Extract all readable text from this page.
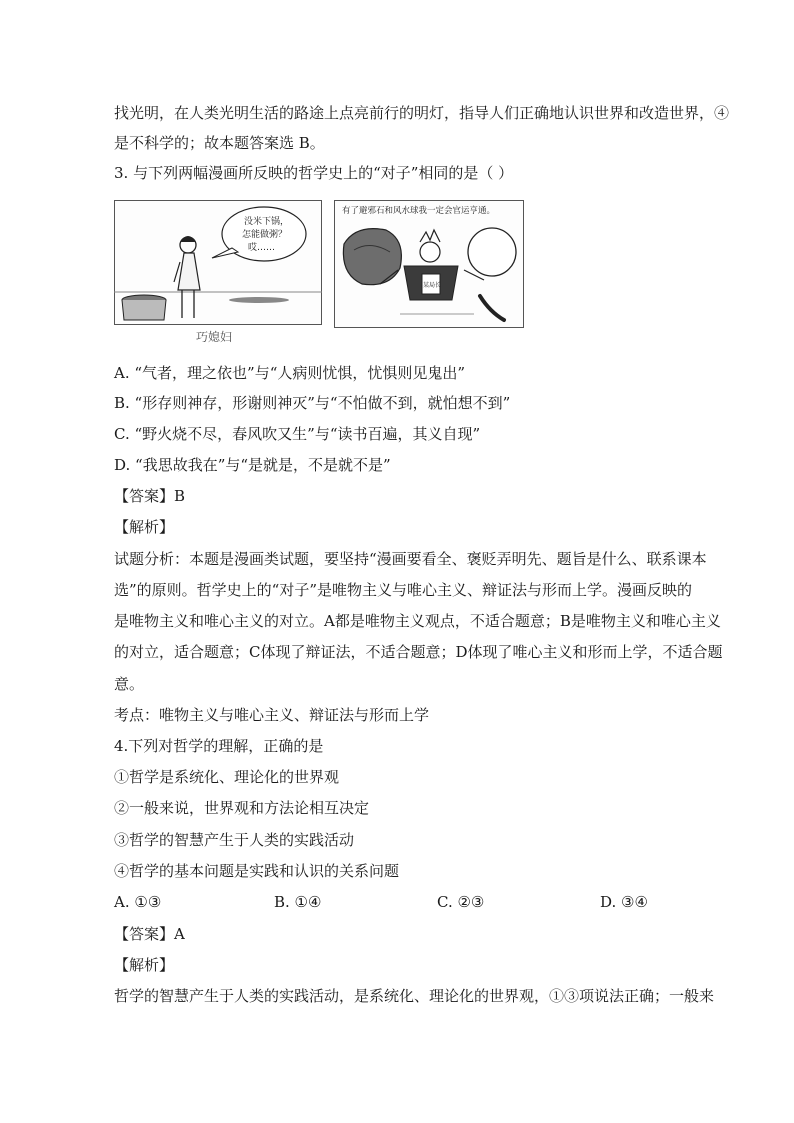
找光明，在人类光明生活的路途上点亮前行的明灯，指导人们正确地认识世界和改造世界，④
是不科学的；故本题答案选 B。
3. 与下列两幅漫画所反映的哲学史上的“对子”相同的是（ ）
没米下锅，
怎能做粥？
哎……
巧媳妇
有了避邪石和风水球我一定会官运亨通。
某局长
A. “气者，理之依也”与“人病则忧惧，忧惧则见鬼出”
B. “形存则神存，形谢则神灭”与“不怕做不到，就怕想不到”
C. “野火烧不尽，春风吹又生”与“读书百遍，其义自现”
D. “我思故我在”与“是就是，不是就不是”
【答案】B
【解析】
试题分析：本题是漫画类试题，要坚持“漫画要看全、褒贬弄明先、题旨是什么、联系课本
选”的原则。哲学史上的“对子”是唯物主义与唯心主义、辩证法与形而上学。漫画反映的
是唯物主义和唯心主义的对立。A都是唯物主义观点，不适合题意；B是唯物主义和唯心主义
的对立，适合题意；C体现了辩证法，不适合题意；D体现了唯心主义和形而上学，不适合题
意。
考点：唯物主义与唯心主义、辩证法与形而上学
4.下列对哲学的理解，正确的是
①哲学是系统化、理论化的世界观
②一般来说，世界观和方法论相互决定
③哲学的智慧产生于人类的实践活动
④哲学的基本问题是实践和认识的关系问题
A. ①③	B. ①④	C. ②③	D. ③④
【答案】A
【解析】
哲学的智慧产生于人类的实践活动，是系统化、理论化的世界观，①③项说法正确；一般来
